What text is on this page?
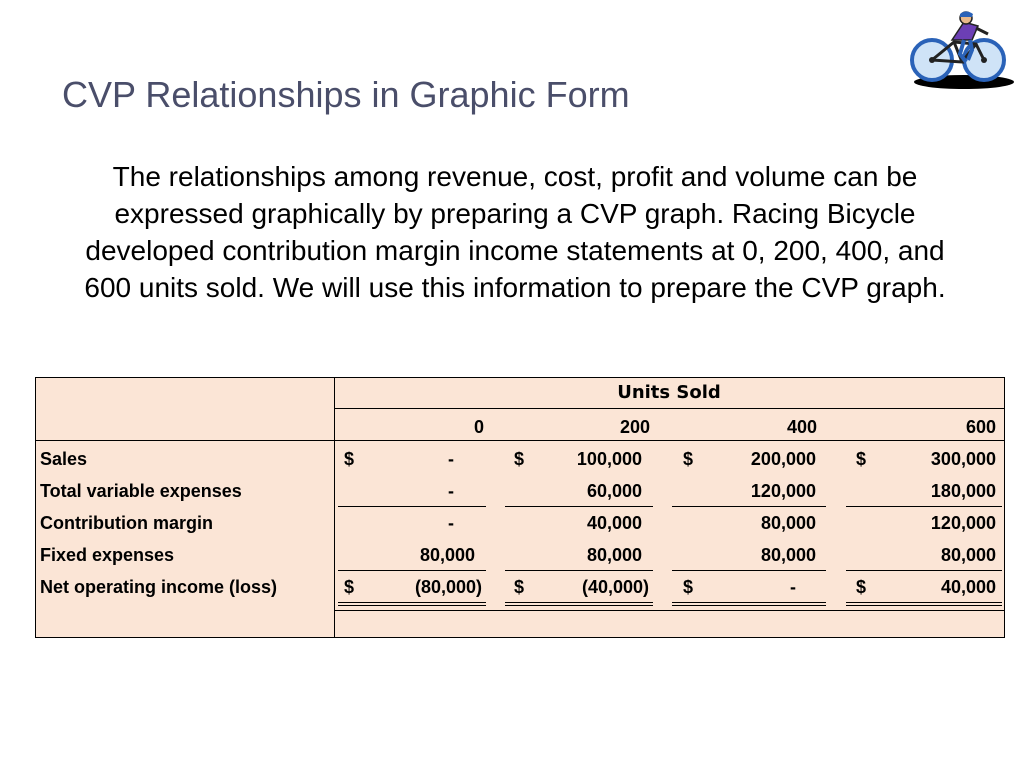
CVP Relationships in Graphic Form

The relationships among revenue, cost, profit and volume can be expressed graphically by preparing a CVP graph. Racing Bicycle developed contribution margin income statements at 0, 200, 400, and 600 units sold. We will use this information to prepare the CVP graph.

Units Sold
0	200	400	600
Sales	$	-	$	100,000 $	200,000 $	300,000
Total variable expenses	-	60,000	120,000	180,000
Contribution margin	-	40,000	80,000	120,000
Fixed expenses	80,000	80,000	80,000	80,000
Net operating income (loss)	$	(80,000) $	(40,000) $	-	$	40,000
